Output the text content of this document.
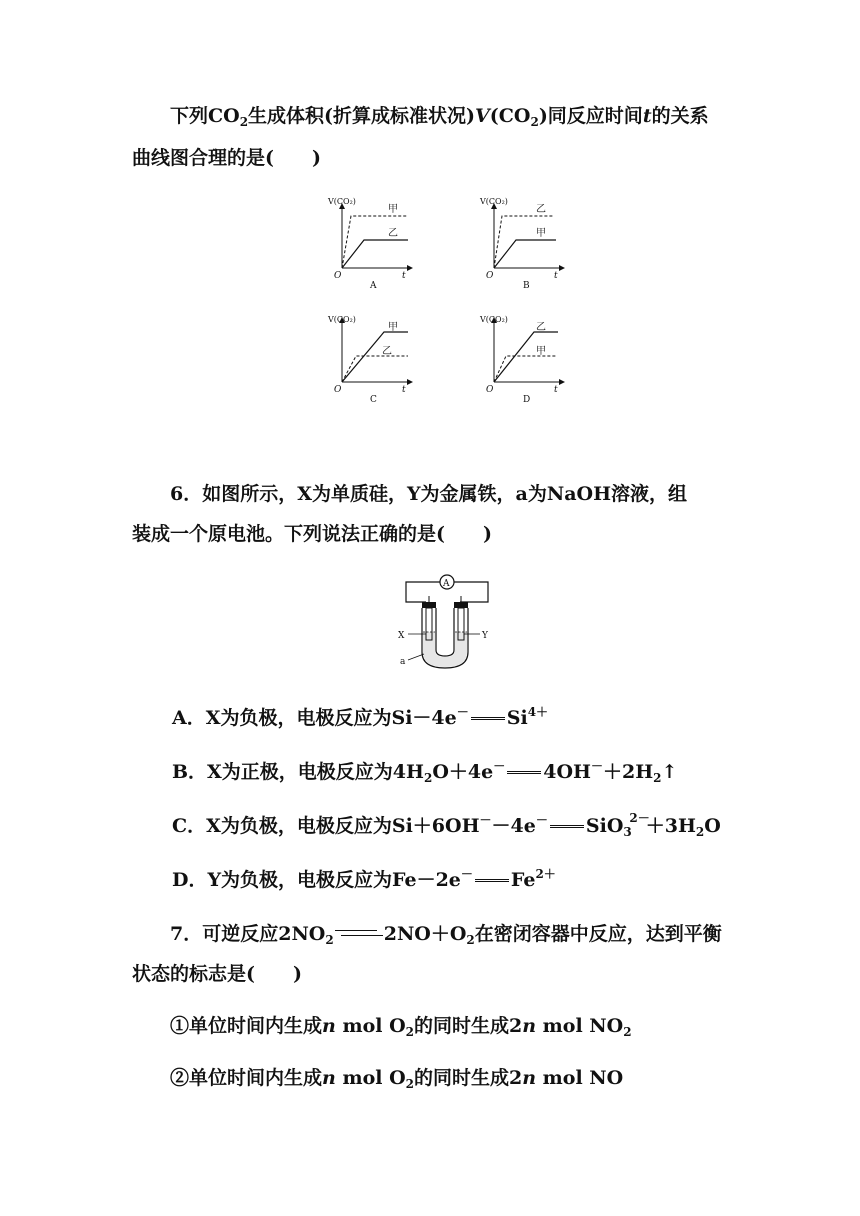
下列$CO_2$生成体积(折算成标准状况)$V(CO_2)$同反应时间t的关系
曲线图合理的是(　　)
V(CO₂)
t
O
甲
乙
A
V(CO₂)
t
O
乙
甲
B
V(CO₂)
t
O
甲
乙
C
V(CO₂)
t
O
乙
甲
D
6．如图所示，X为单质硅，Y为金属铁，a为NaOH溶液，组
装成一个原电池。下列说法正确的是(　　)
A
X	Y
a
A．X为负极，电极反应为Si－4e－ $Si^{4+}$
B．X为正极，电极反应为$4H_2O+4e^-$ $4OH^-+2H_2↑$
C．X为负极，电极反应为Si＋6OH－－4e－ SiO$_3$
2－
$+3H_2O$
D．Y为负极，电极反应为Fe－2e－ $Fe^{2+}$
7．可逆反应$2NO_2$	$2NO+O_2$在密闭容器中反应，达到平衡
状态的标志是(　　)
①单位时间内生成n mol $O_2$的同时生成2n mol $NO_2$
②单位时间内生成n mol $O_2$的同时生成2n mol NO
